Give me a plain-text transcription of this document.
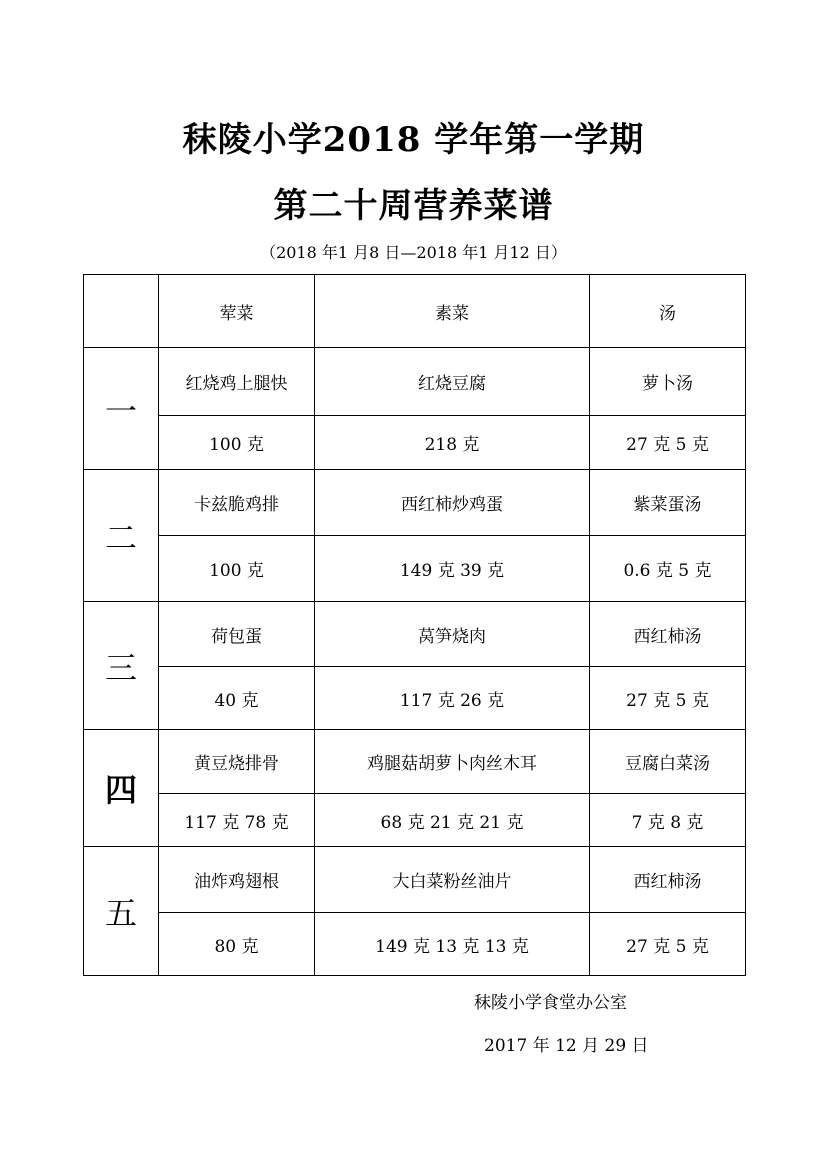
秣陵小学2018 学年第一学期
第二十周营养菜谱
（2018 年1 月8 日—2018 年1 月12 日）
	荤菜	素菜	汤
一	红烧鸡上腿快	红烧豆腐	萝卜汤
	100 克	218 克	27 克 5 克
二	卡兹脆鸡排	西红柿炒鸡蛋	紫菜蛋汤
	100 克	149 克 39 克	0.6 克 5 克
三	荷包蛋	莴笋烧肉	西红柿汤
	40 克	117 克 26 克	27 克 5 克
四	黄豆烧排骨	鸡腿菇胡萝卜肉丝木耳	豆腐白菜汤
	117 克 78 克	68 克 21 克 21 克	7 克 8 克
五	油炸鸡翅根	大白菜粉丝油片	西红柿汤
	80 克	149 克 13 克 13 克	27 克 5 克
秣陵小学食堂办公室
2017 年 12 月 29 日
